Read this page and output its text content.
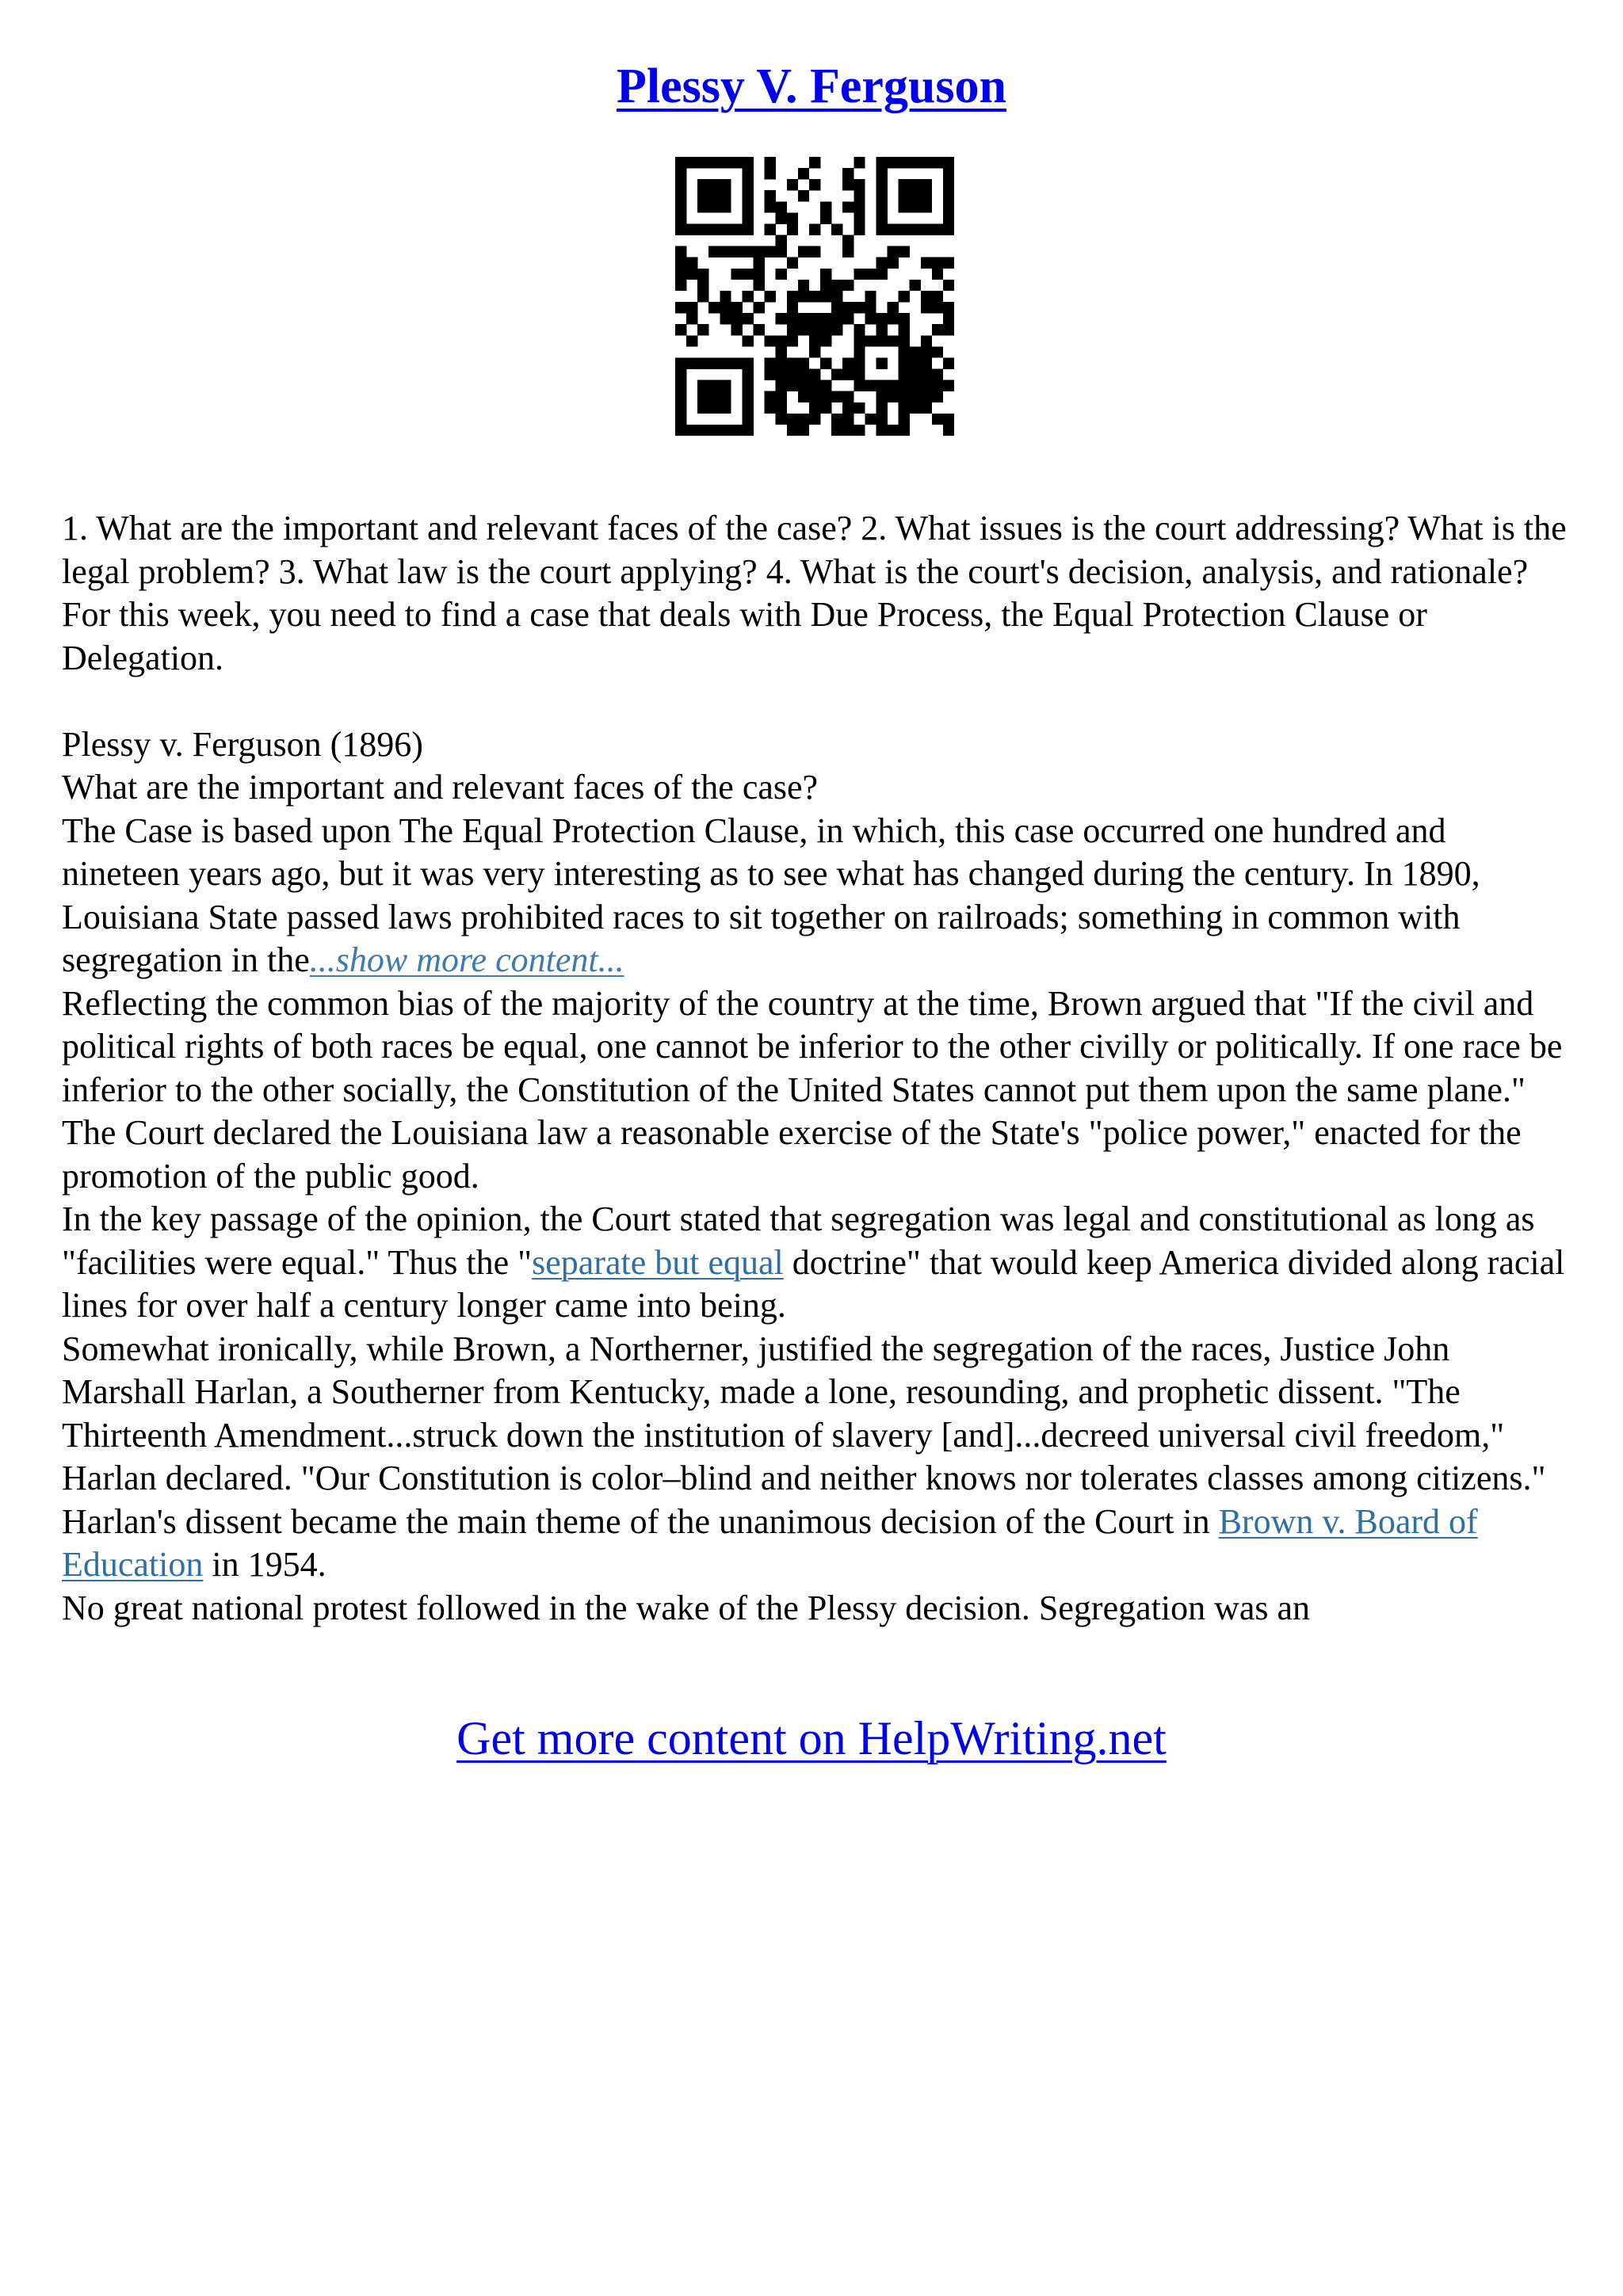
Plessy V. Ferguson

1. What are the important and relevant faces of the case? 2. What issues is the court addressing? What is the legal problem? 3. What law is the court applying? 4. What is the court's decision, analysis, and rationale?

For this week, you need to find a case that deals with Due Process, the Equal Protection Clause or Delegation.

Plessy v. Ferguson (1896)

What are the important and relevant faces of the case?

The Case is based upon The Equal Protection Clause, in which, this case occurred one hundred and nineteen years ago, but it was very interesting as to see what has changed during the century. In 1890, Louisiana State passed laws prohibited races to sit together on railroads; something in common with segregation in the...show more content...

Reflecting the common bias of the majority of the country at the time, Brown argued that "If the civil and political rights of both races be equal, one cannot be inferior to the other civilly or politically. If one race be inferior to the other socially, the Constitution of the United States cannot put them upon the same plane." The Court declared the Louisiana law a reasonable exercise of the State's "police power," enacted for the promotion of the public good.

In the key passage of the opinion, the Court stated that segregation was legal and constitutional as long as "facilities were equal." Thus the "separate but equal doctrine" that would keep America divided along racial lines for over half a century longer came into being.

Somewhat ironically, while Brown, a Northerner, justified the segregation of the races, Justice John Marshall Harlan, a Southerner from Kentucky, made a lone, resounding, and prophetic dissent. "The Thirteenth Amendment...struck down the institution of slavery [and]...decreed universal civil freedom," Harlan declared. "Our Constitution is color–blind and neither knows nor tolerates classes among citizens." Harlan's dissent became the main theme of the unanimous decision of the Court in Brown v. Board of Education in 1954.

No great national protest followed in the wake of the Plessy decision. Segregation was an

Get more content on HelpWriting.net
